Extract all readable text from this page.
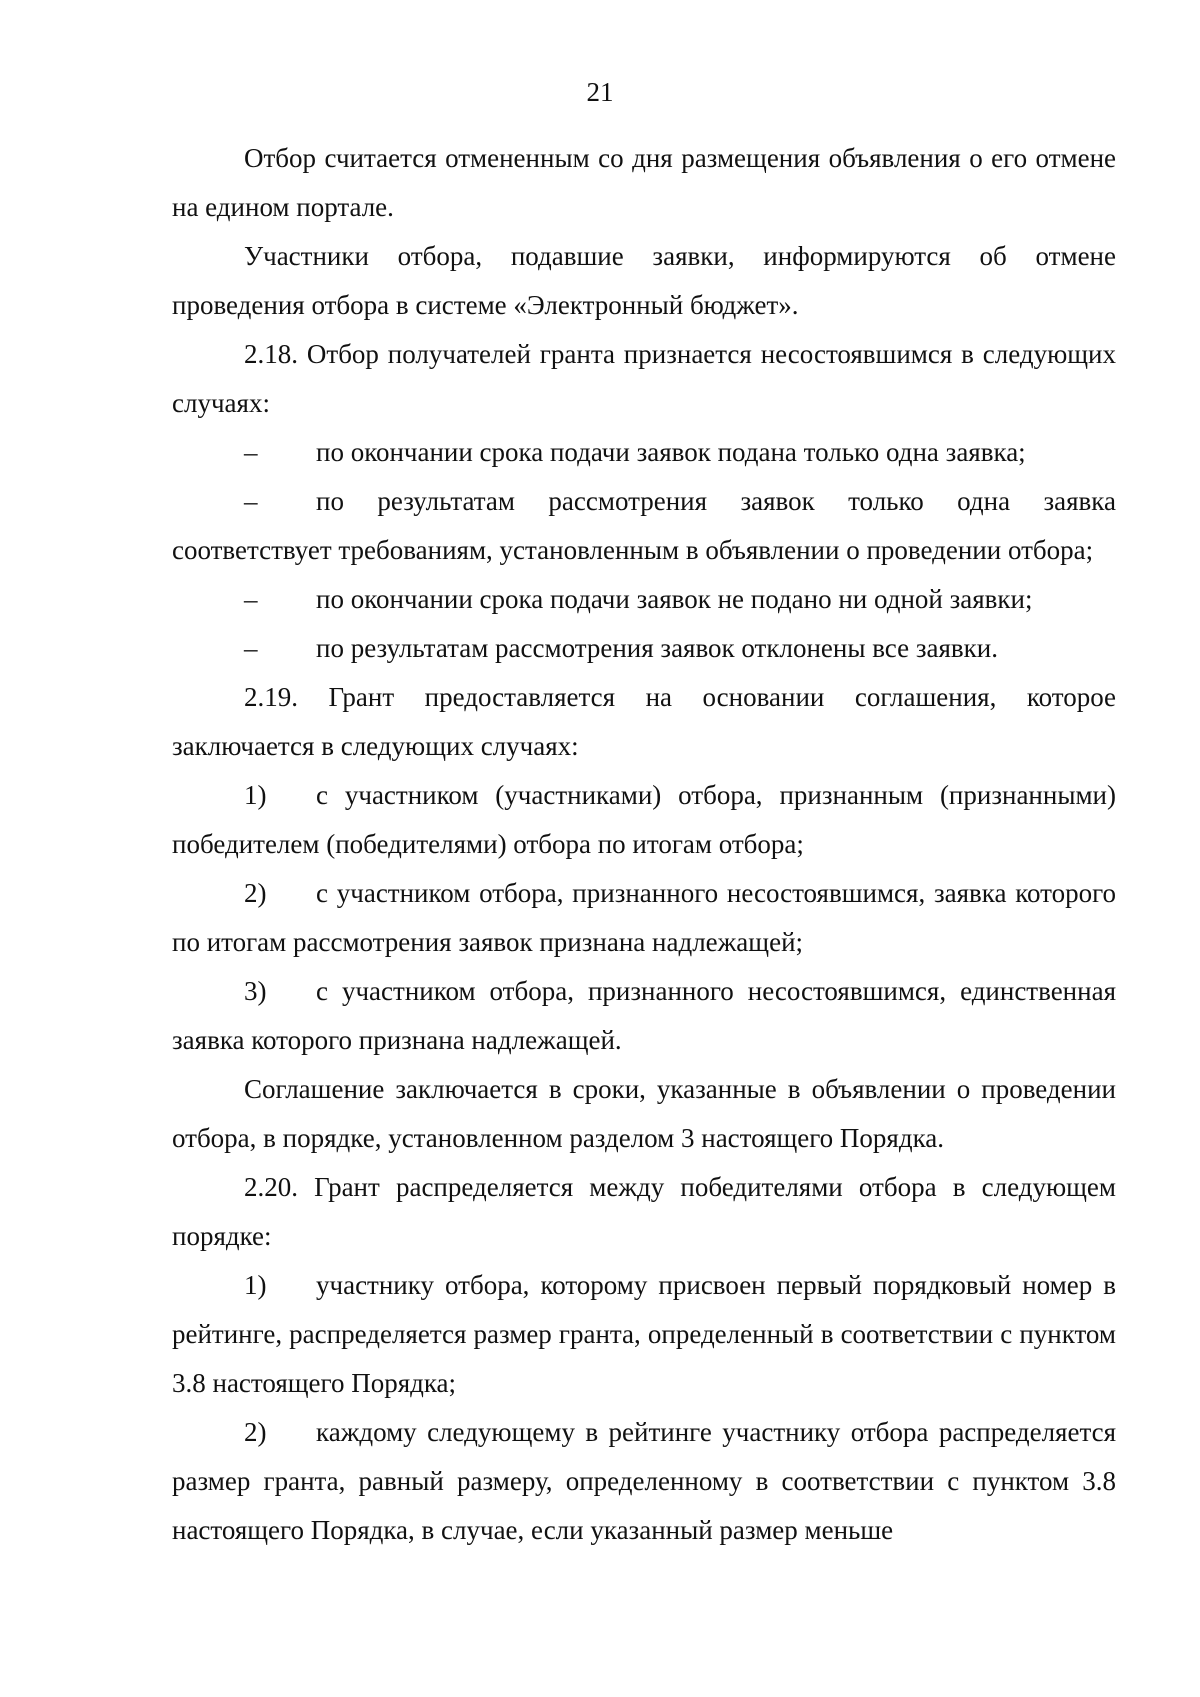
21

Отбор считается отмененным со дня размещения объявления о его отмене на едином портале.

Участники отбора, подавшие заявки, информируются об отмене проведения отбора в системе «Электронный бюджет».

2.18. Отбор получателей гранта признается несостоявшимся в следующих случаях:

– по окончании срока подачи заявок подана только одна заявка;

– по результатам рассмотрения заявок только одна заявка соответствует требованиям, установленным в объявлении о проведении отбора;

– по окончании срока подачи заявок не подано ни одной заявки;

– по результатам рассмотрения заявок отклонены все заявки.

2.19. Грант предоставляется на основании соглашения, которое заключается в следующих случаях:

1) с участником (участниками) отбора, признанным (признанными) победителем (победителями) отбора по итогам отбора;

2) с участником отбора, признанного несостоявшимся, заявка которого по итогам рассмотрения заявок признана надлежащей;

3) с участником отбора, признанного несостоявшимся, единственная заявка которого признана надлежащей.

Соглашение заключается в сроки, указанные в объявлении о проведении отбора, в порядке, установленном разделом 3 настоящего Порядка.

2.20. Грант распределяется между победителями отбора в следующем порядке:

1) участнику отбора, которому присвоен первый порядковый номер в рейтинге, распределяется размер гранта, определенный в соответствии с пунктом 3.8 настоящего Порядка;

2) каждому следующему в рейтинге участнику отбора распределяется размер гранта, равный размеру, определенному в соответствии с пунктом 3.8 настоящего Порядка, в случае, если указанный размер меньше
